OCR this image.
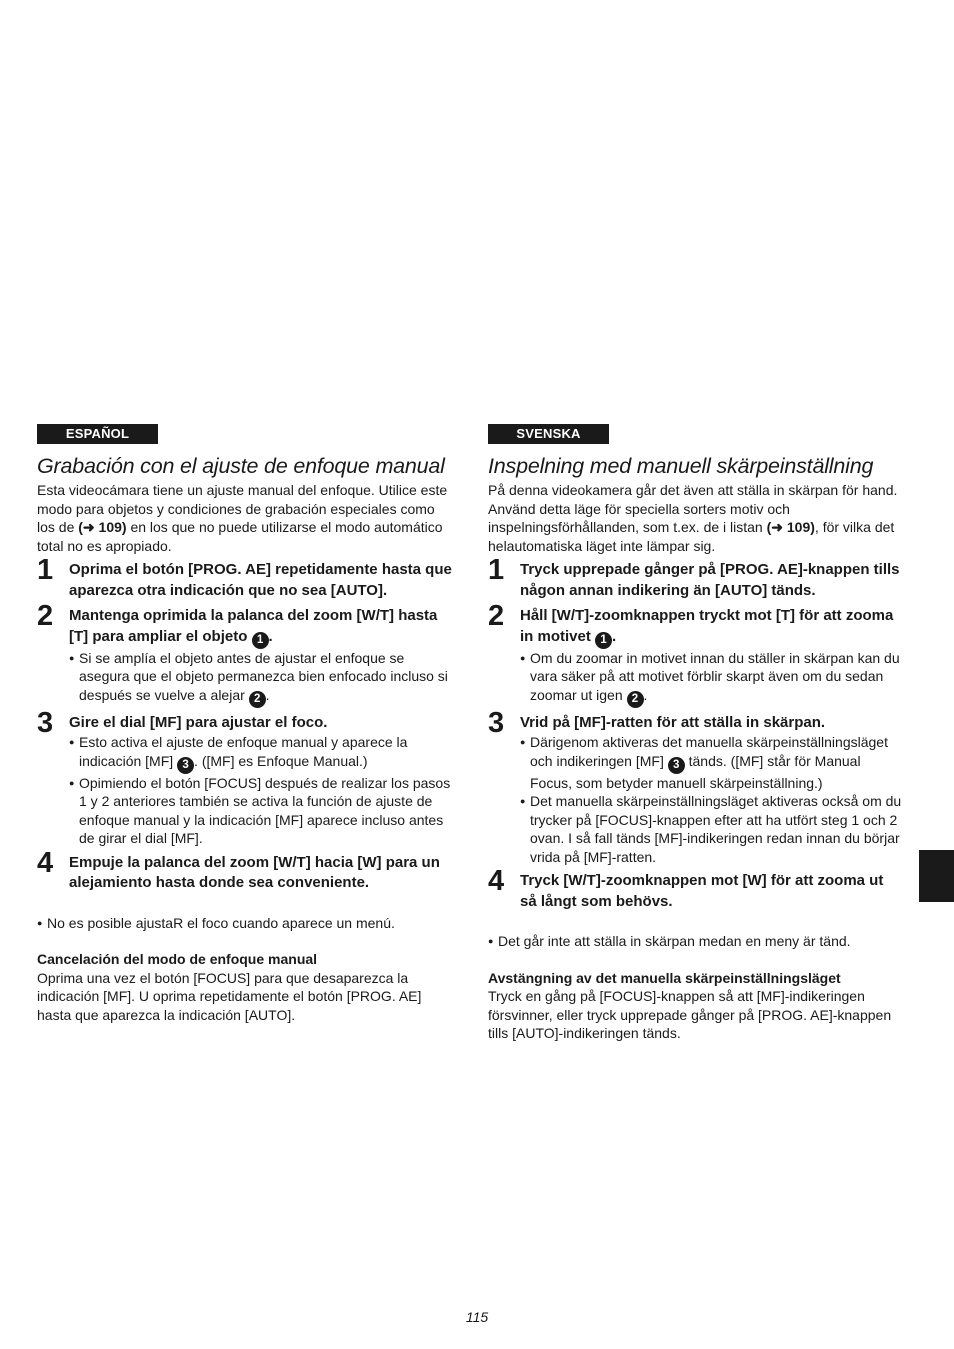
ESPAÑOL
Grabación con el ajuste de enfoque manual

Esta videocámara tiene un ajuste manual del enfoque. Utilice este modo para objetos y condiciones de grabación especiales como los de (➜ 109) en los que no puede utilizarse el modo automático total no es apropiado.

1 Oprima el botón [PROG. AE] repetidamente hasta que aparezca otra indicación que no sea [AUTO].
2 Mantenga oprimida la palanca del zoom [W/T] hasta [T] para ampliar el objeto 1 .
● Si se amplía el objeto antes de ajustar el enfoque se asegura que el objeto permanezca bien enfocado incluso si después se vuelve a alejar 2 .
3 Gire el dial [MF] para ajustar el foco.
● Esto activa el ajuste de enfoque manual y aparece la indicación [MF] 3 . ([MF] es Enfoque Manual.)
● Opimiendo el botón [FOCUS] después de realizar los pasos 1 y 2 anteriores también se activa la función de ajuste de enfoque manual y la indicación [MF] aparece incluso antes de girar el dial [MF].
4 Empuje la palanca del zoom [W/T] hacia [W] para un alejamiento hasta donde sea conveniente.
● No es posible ajustaR el foco cuando aparece un menú.
Cancelación del modo de enfoque manual
Oprima una vez el botón [FOCUS] para que desaparezca la indicación [MF]. U oprima repetidamente el botón [PROG. AE] hasta que aparezca la indicación [AUTO].
SVENSKA
Inspelning med manuell skärpeinställning

På denna videokamera går det även att ställa in skärpan för hand.

Använd detta läge för speciella sorters motiv och inspelningsförhållanden, som t.ex. de i listan (➜ 109), för vilka det helautomatiska läget inte lämpar sig.

1 Tryck upprepade gånger på [PROG. AE]-knappen tills någon annan indikering än [AUTO] tänds.
2 Håll [W/T]-zoomknappen tryckt mot [T] för att zooma in motivet 1 .
● Om du zoomar in motivet innan du ställer in skärpan kan du vara säker på att motivet förblir skarpt även om du sedan zoomar ut igen 2 .
3 Vrid på [MF]-ratten för att ställa in skärpan.
● Därigenom aktiveras det manuella skärpeinställningsläget och indikeringen [MF] 3 tänds. ([MF] står för Manual Focus, som betyder manuell skärpeinställning.)
● Det manuella skärpeinställningsläget aktiveras också om du trycker på [FOCUS]-knappen efter att ha utfört steg 1 och 2 ovan. I så fall tänds [MF]-indikeringen redan innan du börjar vrida på [MF]-ratten.
4 Tryck [W/T]-zoomknappen mot [W] för att zooma ut så långt som behövs.
● Det går inte att ställa in skärpan medan en meny är tänd.
Avstängning av det manuella skärpeinställningsläget
Tryck en gång på [FOCUS]-knappen så att [MF]-indikeringen försvinner, eller tryck upprepade gånger på [PROG. AE]-knappen tills [AUTO]-indikeringen tänds.
115
